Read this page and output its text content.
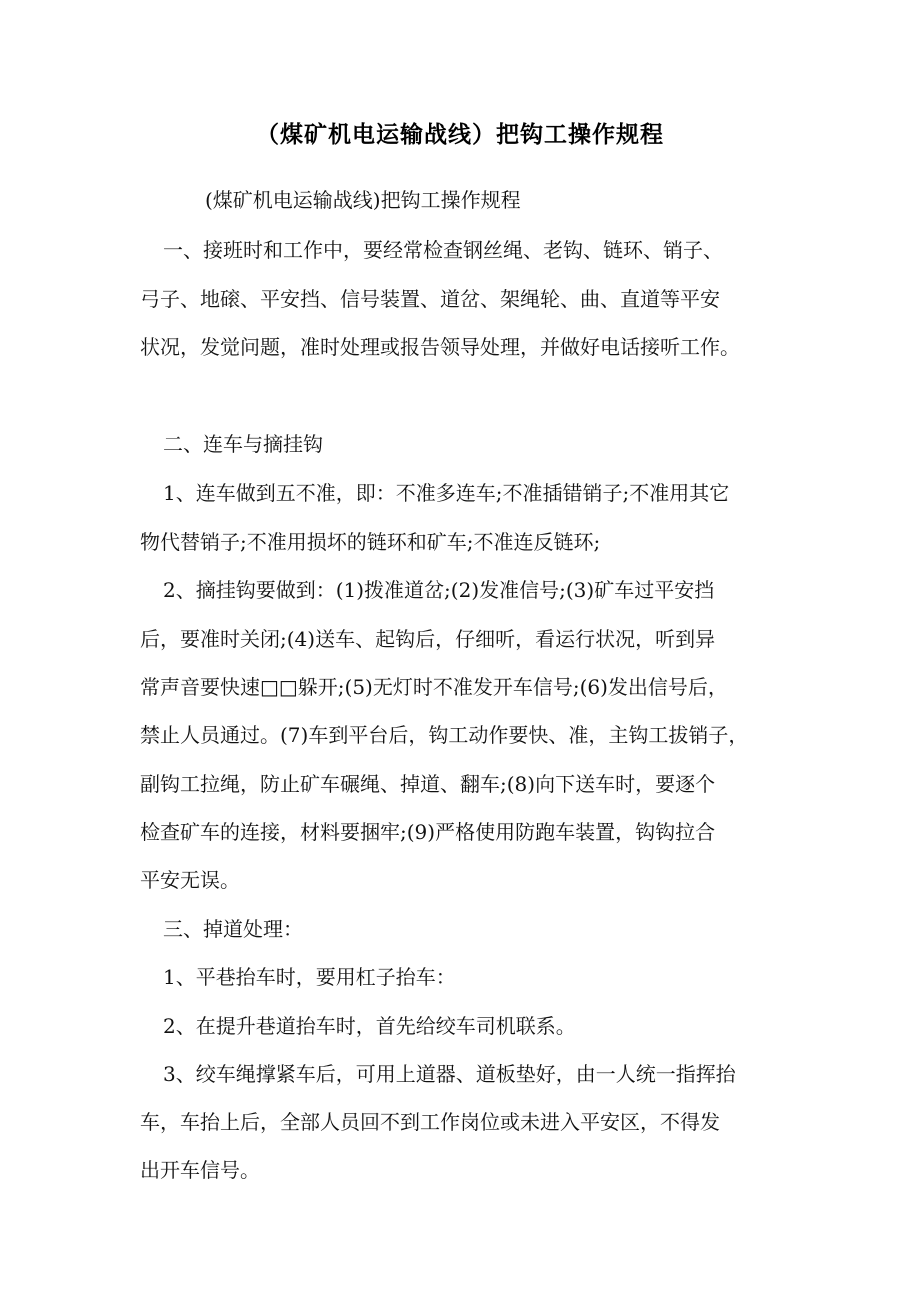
（煤矿机电运输战线）把钩工操作规程
(煤矿机电运输战线)把钩工操作规程
一、接班时和工作中，要经常检查钢丝绳、老钩、链环、销子、
弓子、地磙、平安挡、信号装置、道岔、架绳轮、曲、直道等平安
状况，发觉问题，准时处理或报告领导处理，并做好电话接听工作。
二、连车与摘挂钩
1、连车做到五不准，即：不准多连车;不准插错销子;不准用其它
物代替销子;不准用损坏的链环和矿车;不准连反链环;
2、摘挂钩要做到：(1)拨准道岔;(2)发准信号;(3)矿车过平安挡
后，要准时关闭;(4)送车、起钩后，仔细听，看运行状况，听到异
常声音要快速□□躲开;(5)无灯时不准发开车信号;(6)发出信号后，
禁止人员通过。(7)车到平台后，钩工动作要快、准，主钩工拔销子，
副钩工拉绳，防止矿车碾绳、掉道、翻车;(8)向下送车时，要逐个
检查矿车的连接，材料要捆牢;(9)严格使用防跑车装置，钩钩拉合
平安无误。
三、掉道处理：
1、平巷抬车时，要用杠子抬车：
2、在提升巷道抬车时，首先给绞车司机联系。
3、绞车绳撑紧车后，可用上道器、道板垫好，由一人统一指挥抬
车，车抬上后，全部人员回不到工作岗位或未进入平安区，不得发
出开车信号。
